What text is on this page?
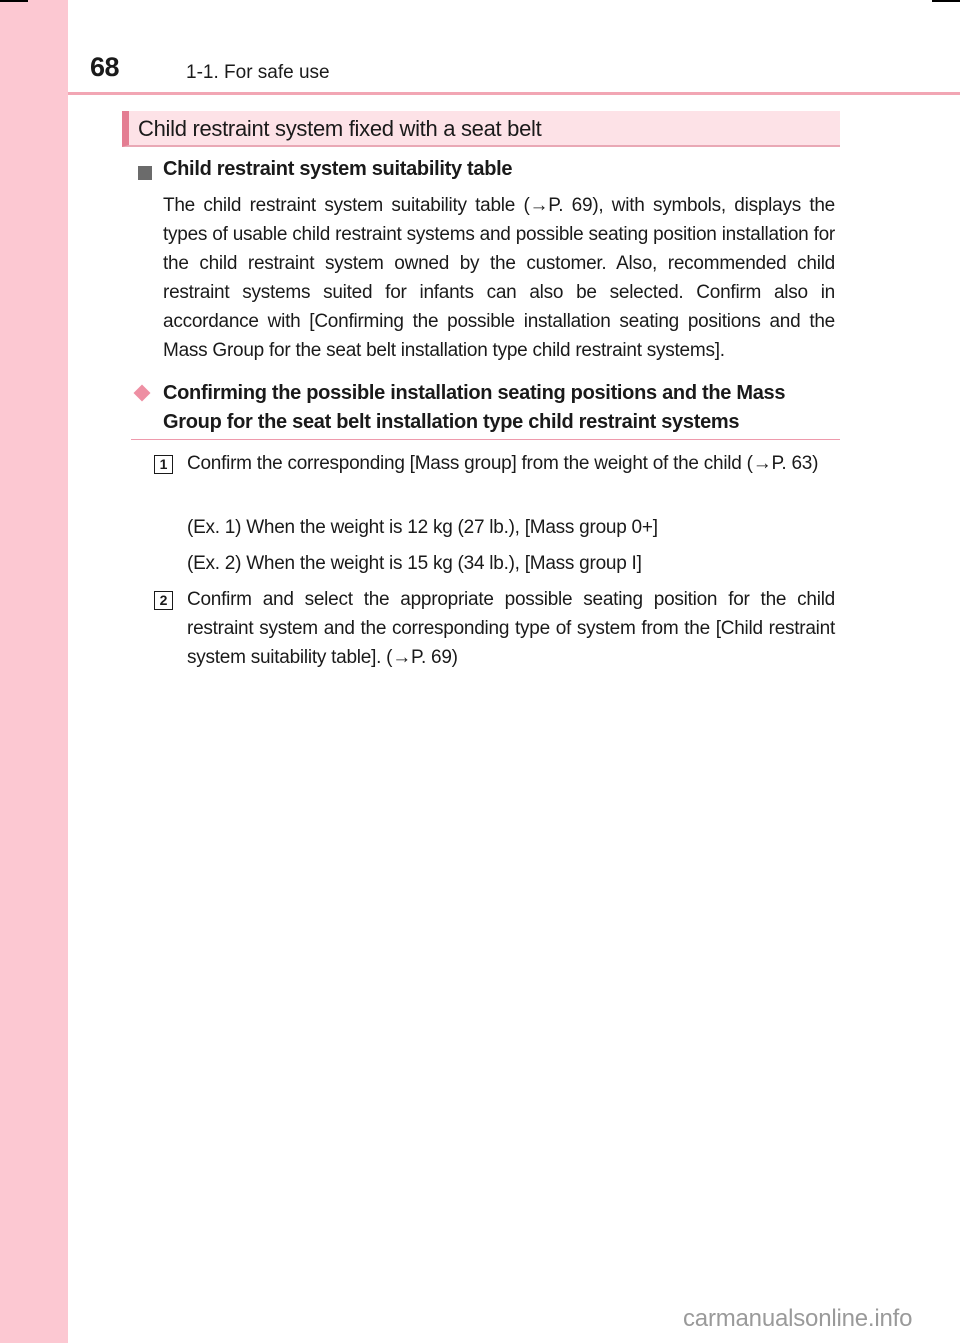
68	1-1. For safe use
Child restraint system fixed with a seat belt
Child restraint system suitability table
The child restraint system suitability table (→P. 69), with symbols, displays the types of usable child restraint systems and possible seating position installation for the child restraint system owned by the customer. Also, recommended child restraint systems suited for infants can also be selected. Confirm also in accordance with [Confirming the possible installation seating positions and the Mass Group for the seat belt installation type child restraint systems].
Confirming the possible installation seating positions and the Mass Group for the seat belt installation type child restraint systems
1 Confirm the corresponding [Mass group] from the weight of the child (→P. 63)
(Ex. 1) When the weight is 12 kg (27 lb.), [Mass group 0+]
(Ex. 2) When the weight is 15 kg (34 lb.), [Mass group I]
2 Confirm and select the appropriate possible seating position for the child restraint system and the corresponding type of system from the [Child restraint system suitability table]. (→P. 69)
carmanualsonline.info
